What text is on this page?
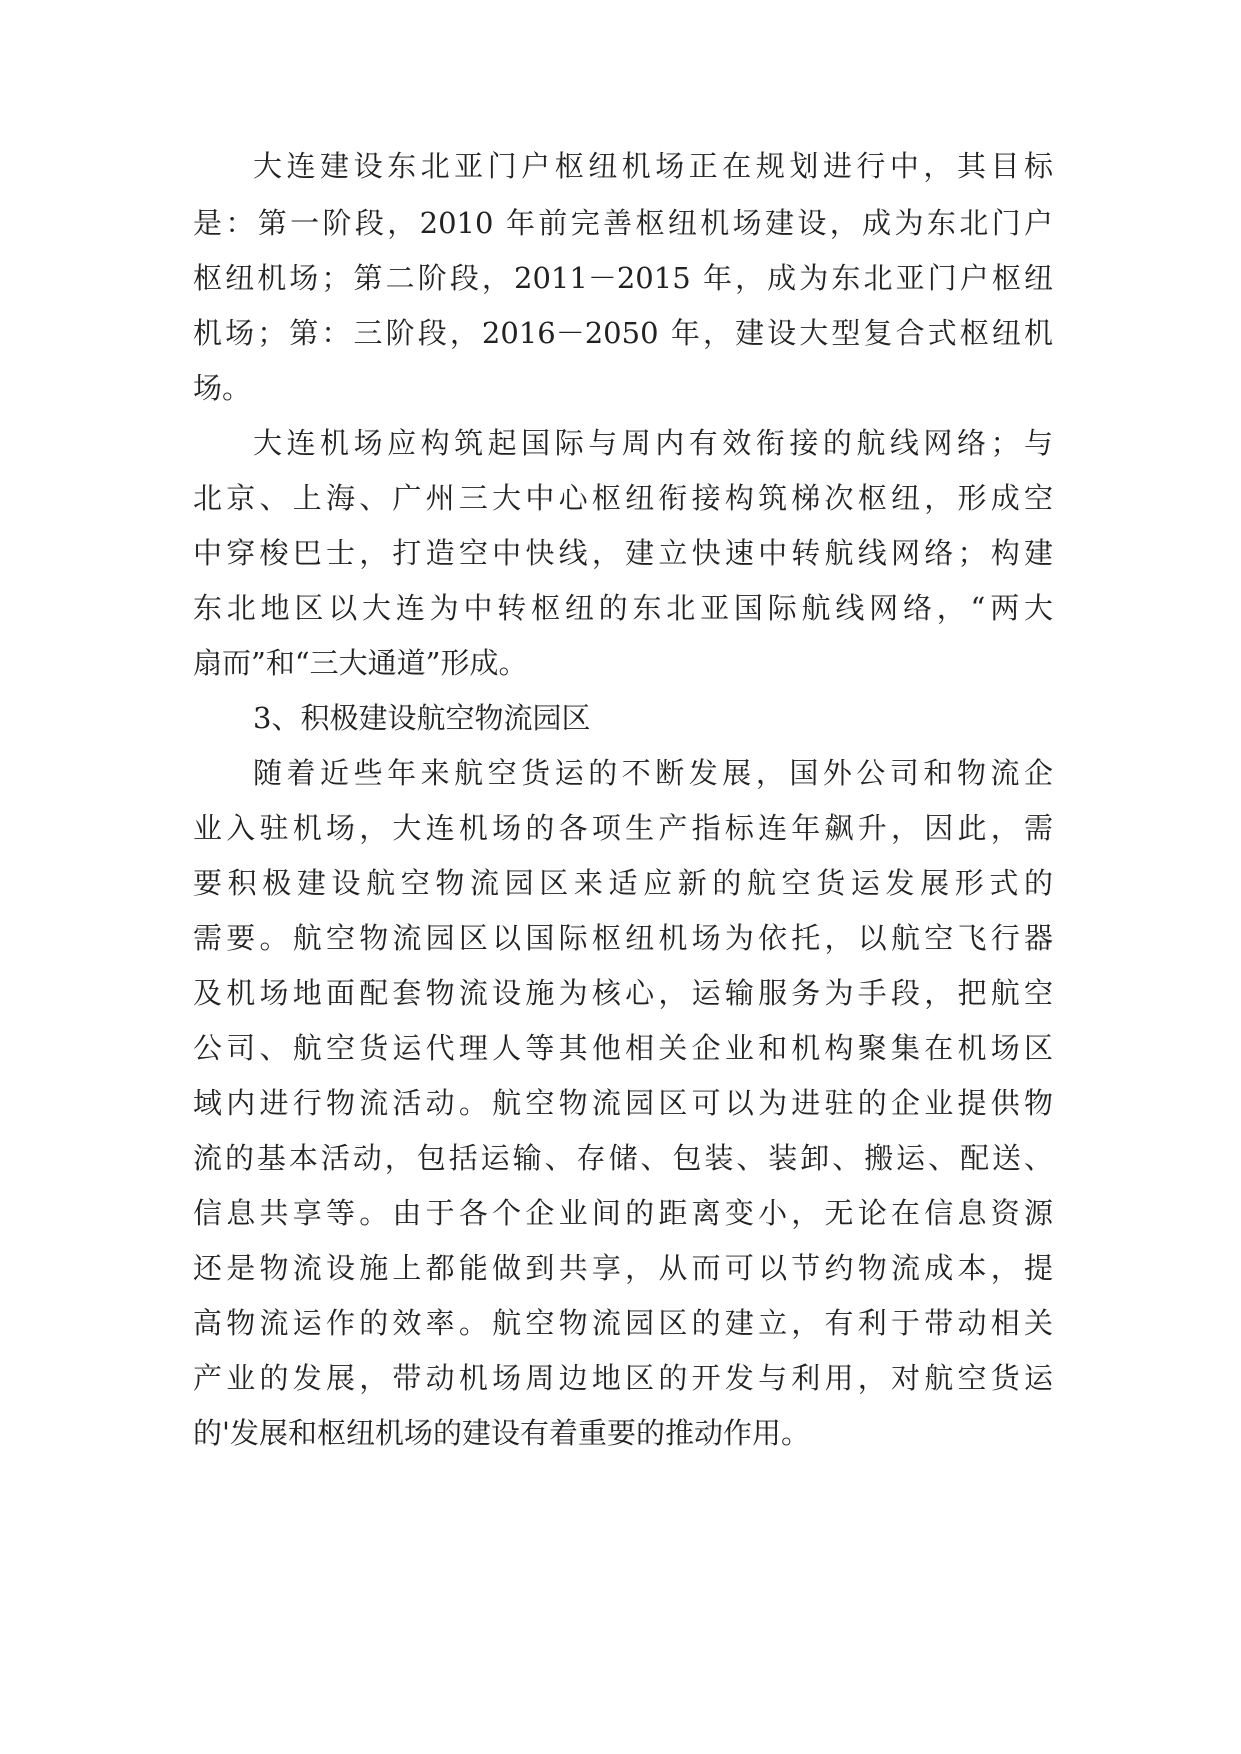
大连建设东北亚门户枢纽机场正在规划进行中，其目标
是：第一阶段，2010 年前完善枢纽机场建设，成为东北门户
枢纽机场；第二阶段，2011－2015 年，成为东北亚门户枢纽
机场；第：三阶段，2016－2050 年，建设大型复合式枢纽机
场。
大连机场应构筑起国际与周内有效衔接的航线网络；与
北京、上海、广州三大中心枢纽衔接构筑梯次枢纽，形成空
中穿梭巴士，打造空中快线，建立快速中转航线网络；构建
东北地区以大连为中转枢纽的东北亚国际航线网络，“两大
扇而”和“三大通道”形成。
3、积极建设航空物流园区
随着近些年来航空货运的不断发展，国外公司和物流企
业入驻机场，大连机场的各项生产指标连年飙升，因此，需
要积极建设航空物流园区来适应新的航空货运发展形式的
需要。航空物流园区以国际枢纽机场为依托，以航空飞行器
及机场地面配套物流设施为核心，运输服务为手段，把航空
公司、航空货运代理人等其他相关企业和机构聚集在机场区
域内进行物流活动。航空物流园区可以为进驻的企业提供物
流的基本活动，包括运输、存储、包装、装卸、搬运、配送、
信息共享等。由于各个企业间的距离变小，无论在信息资源
还是物流设施上都能做到共享，从而可以节约物流成本，提
高物流运作的效率。航空物流园区的建立，有利于带动相关
产业的发展，带动机场周边地区的开发与利用，对航空货运
的'发展和枢纽机场的建设有着重要的推动作用。
